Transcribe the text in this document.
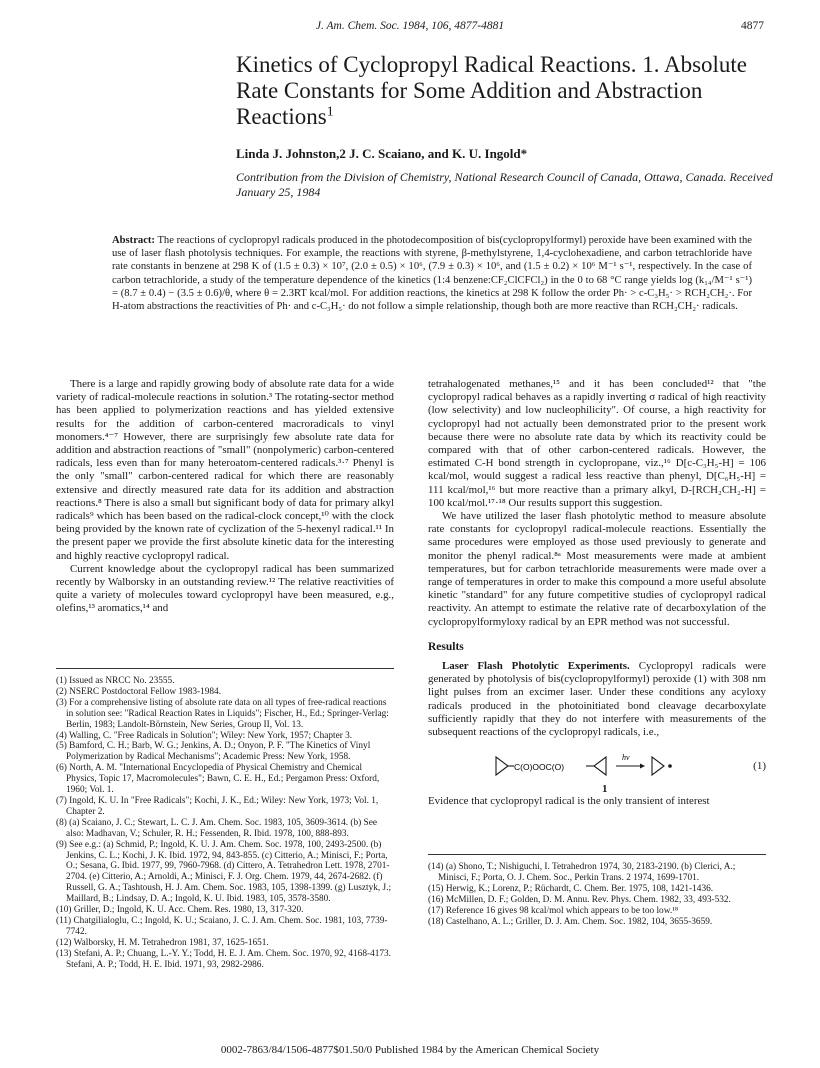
J. Am. Chem. Soc. 1984, 106, 4877-4881	4877
Kinetics of Cyclopropyl Radical Reactions. 1. Absolute Rate Constants for Some Addition and Abstraction Reactions$^1$
Linda J. Johnston,2 J. C. Scaiano, and K. U. Ingold*
Contribution from the Division of Chemistry, National Research Council of Canada, Ottawa, Canada. Received January 25, 1984
Abstract: The reactions of cyclopropyl radicals produced in the photodecomposition of bis(cyclopropylformyl) peroxide have been examined with the use of laser flash photolysis techniques. For example, the reactions with styrene, β-methylstyrene, 1,4-cyclohexadiene, and carbon tetrachloride have rate constants in benzene at 298 K of (1.5 ± 0.3) × 10⁷, (2.0 ± 0.5) × 10⁶, (7.9 ± 0.3) × 10⁶, and (1.5 ± 0.2) × 10⁶ M⁻¹ s⁻¹, respectively. In the case of carbon tetrachloride, a study of the temperature dependence of the kinetics (1:4 benzene:CF₂ClCFCl₂) in the 0 to 68 °C range yields log (k₁₄/M⁻¹ s⁻¹) = (8.7 ± 0.4) − (3.5 ± 0.6)/θ, where θ = 2.3RT kcal/mol. For addition reactions, the kinetics at 298 K follow the order Ph· > c-C₃H₅· > RCH₂CH₂·. For H-atom abstractions the reactivities of Ph· and c-C₃H₅· do not follow a simple relationship, though both are more reactive than RCH₂CH₂· radicals.

There is a large and rapidly growing body of absolute rate data for a wide variety of radical-molecule reactions in solution.³ The rotating-sector method has been applied to polymerization reactions and has yielded extensive results for the addition of carbon-centered macroradicals to vinyl monomers.⁴⁻⁷ However, there are surprisingly few absolute rate data for addition and abstraction reactions of "small" (nonpolymeric) carbon-centered radicals, less even than for many heteroatom-centered radicals.³·⁷ Phenyl is the only "small" carbon-centered radical for which there are reasonably extensive and directly measured rate data for its addition and abstraction reactions.⁸ There is also a small but significant body of data for primary alkyl radicals⁹ which has been based on the radical-clock concept,¹⁰ with the clock being provided by the known rate of cyclization of the 5-hexenyl radical.¹¹ In the present paper we provide the first absolute kinetic data for the interesting and highly reactive cyclopropyl radical.

Current knowledge about the cyclopropyl radical has been summarized recently by Walborsky in an outstanding review.¹² The relative reactivities of quite a variety of molecules toward cyclopropyl have been measured, e.g., olefins,¹³ aromatics,¹⁴ and

(1) Issued as NRCC No. 23555.
(2) NSERC Postdoctoral Fellow 1983-1984.
(3) For a comprehensive listing of absolute rate data on all types of free-radical reactions in solution see: "Radical Reaction Rates in Liquids"; Fischer, H., Ed.; Springer-Verlag: Berlin, 1983; Landolt-Börnstein, New Series, Group II, Vol. 13.
(4) Walling, C. "Free Radicals in Solution"; Wiley: New York, 1957; Chapter 3.
(5) Bamford, C. H.; Barb, W. G.; Jenkins, A. D.; Onyon, P. F. "The Kinetics of Vinyl Polymerization by Radical Mechanisms"; Academic Press: New York, 1958.
(6) North, A. M. "International Encyclopedia of Physical Chemistry and Chemical Physics, Topic 17, Macromolecules"; Bawn, C. E. H., Ed.; Pergamon Press: Oxford, 1960; Vol. 1.
(7) Ingold, K. U. In "Free Radicals"; Kochi, J. K., Ed.; Wiley: New York, 1973; Vol. 1, Chapter 2.
(8) (a) Scaiano, J. C.; Stewart, L. C. J. Am. Chem. Soc. 1983, 105, 3609-3614. (b) See also: Madhavan, V.; Schuler, R. H.; Fessenden, R. Ibid. 1978, 100, 888-893.
(9) See e.g.: (a) Schmid, P.; Ingold, K. U. J. Am. Chem. Soc. 1978, 100, 2493-2500. (b) Jenkins, C. L.; Kochi, J. K. Ibid. 1972, 94, 843-855. (c) Citterio, A.; Minisci, F.; Porta, O.; Sesana, G. Ibid. 1977, 99, 7960-7968. (d) Cittero, A. Tetrahedron Lett. 1978, 2701-2704. (e) Citterio, A.; Arnoldi, A.; Minisci, F. J. Org. Chem. 1979, 44, 2674-2682. (f) Russell, G. A.; Tashtoush, H. J. Am. Chem. Soc. 1983, 105, 1398-1399. (g) Lusztyk, J.; Maillard, B.; Lindsay, D. A.; Ingold, K. U. Ibid. 1983, 105, 3578-3580.
(10) Griller, D.; Ingold, K. U. Acc. Chem. Res. 1980, 13, 317-320.
(11) Chatgilialoglu, C.; Ingold, K. U.; Scaiano, J. C. J. Am. Chem. Soc. 1981, 103, 7739-7742.
(12) Walborsky, H. M. Tetrahedron 1981, 37, 1625-1651.
(13) Stefani, A. P.; Chuang, L.-Y. Y.; Todd, H. E. J. Am. Chem. Soc. 1970, 92, 4168-4173. Stefani, A. P.; Todd, H. E. Ibid. 1971, 93, 2982-2986.

tetrahalogenated methanes,¹⁵ and it has been concluded¹² that "the cyclopropyl radical behaves as a rapidly inverting σ radical of high reactivity (low selectivity) and low nucleophilicity". Of course, a high reactivity for cyclopropyl had not actually been demonstrated prior to the present work because there were no absolute rate data by which its reactivity could be compared with that of other carbon-centered radicals. However, the estimated C-H bond strength in cyclopropane, viz.,¹⁶ D[c-C₃H₅-H] = 106 kcal/mol, would suggest a radical less reactive than phenyl, D[C₆H₅-H] = 111 kcal/mol,¹⁶ but more reactive than a primary alkyl, D-[RCH₂CH₂-H] = 100 kcal/mol.¹⁷·¹⁸ Our results support this suggestion.

We have utilized the laser flash photolytic method to measure absolute rate constants for cyclopropyl radical-molecule reactions. Essentially the same procedures were employed as those used previously to generate and monitor the phenyl radical.⁸ᵃ Most measurements were made at ambient temperatures, but for carbon tetrachloride measurements were made over a range of temperatures in order to make this compound a more useful absolute kinetic "standard" for any future competitive studies of cyclopropyl radical reactivity. An attempt to estimate the relative rate of decarboxylation of the cyclopropylformyloxy radical by an EPR method was not successful.

Results

Laser Flash Photolytic Experiments. Cyclopropyl radicals were generated by photolysis of bis(cyclopropylformyl) peroxide (1) with 308 nm light pulses from an excimer laser. Under these conditions any acyloxy radicals produced in the photoinitiated bond cleavage decarboxylate sufficiently rapidly that they do not interfere with measurements of the subsequent reactions of the cyclopropyl radicals, i.e.,

C(O)OOC(O)
hν
(1)
1

Evidence that cyclopropyl radical is the only transient of interest

(14) (a) Shono, T.; Nishiguchi, I. Tetrahedron 1974, 30, 2183-2190. (b) Clerici, A.; Minisci, F.; Porta, O. J. Chem. Soc., Perkin Trans. 2 1974, 1699-1701.
(15) Herwig, K.; Lorenz, P.; Rüchardt, C. Chem. Ber. 1975, 108, 1421-1436.
(16) McMillen, D. F.; Golden, D. M. Annu. Rev. Phys. Chem. 1982, 33, 493-532.
(17) Reference 16 gives 98 kcal/mol which appears to be too low.¹⁸
(18) Castelhano, A. L.; Griller, D. J. Am. Chem. Soc. 1982, 104, 3655-3659.
0002-7863/84/1506-4877$01.50/0 Published 1984 by the American Chemical Society
